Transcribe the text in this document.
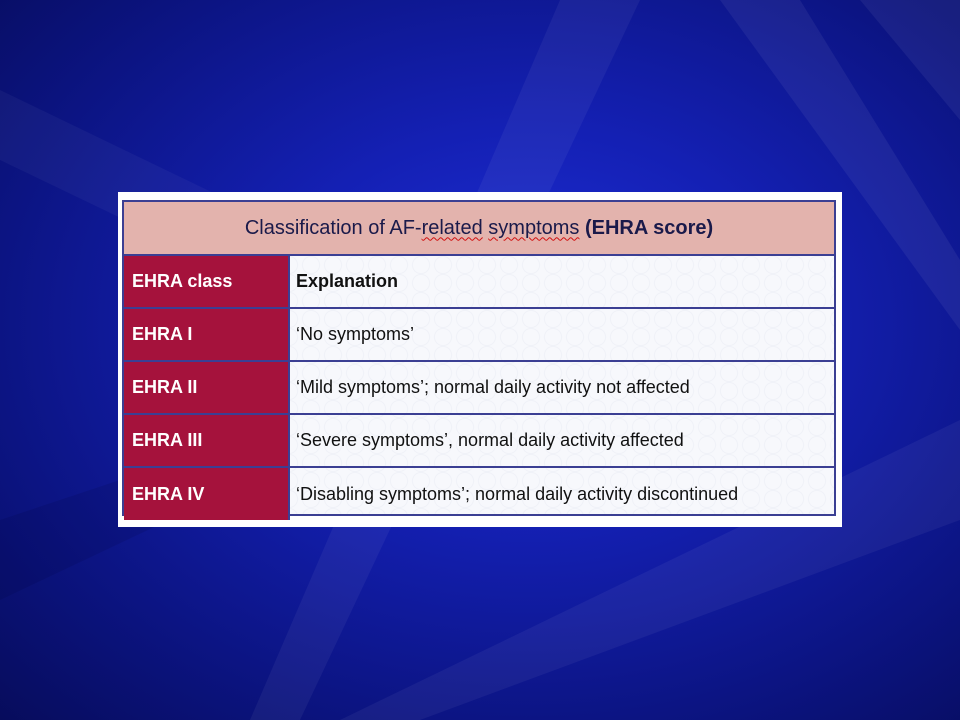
Classification of AF-related symptoms (EHRA score)
EHRA class	Explanation
EHRA I	‘No symptoms’
EHRA II	‘Mild symptoms’; normal daily activity not affected
EHRA III	‘Severe symptoms’, normal daily activity affected
EHRA IV	‘Disabling symptoms’; normal daily activity discontinued
